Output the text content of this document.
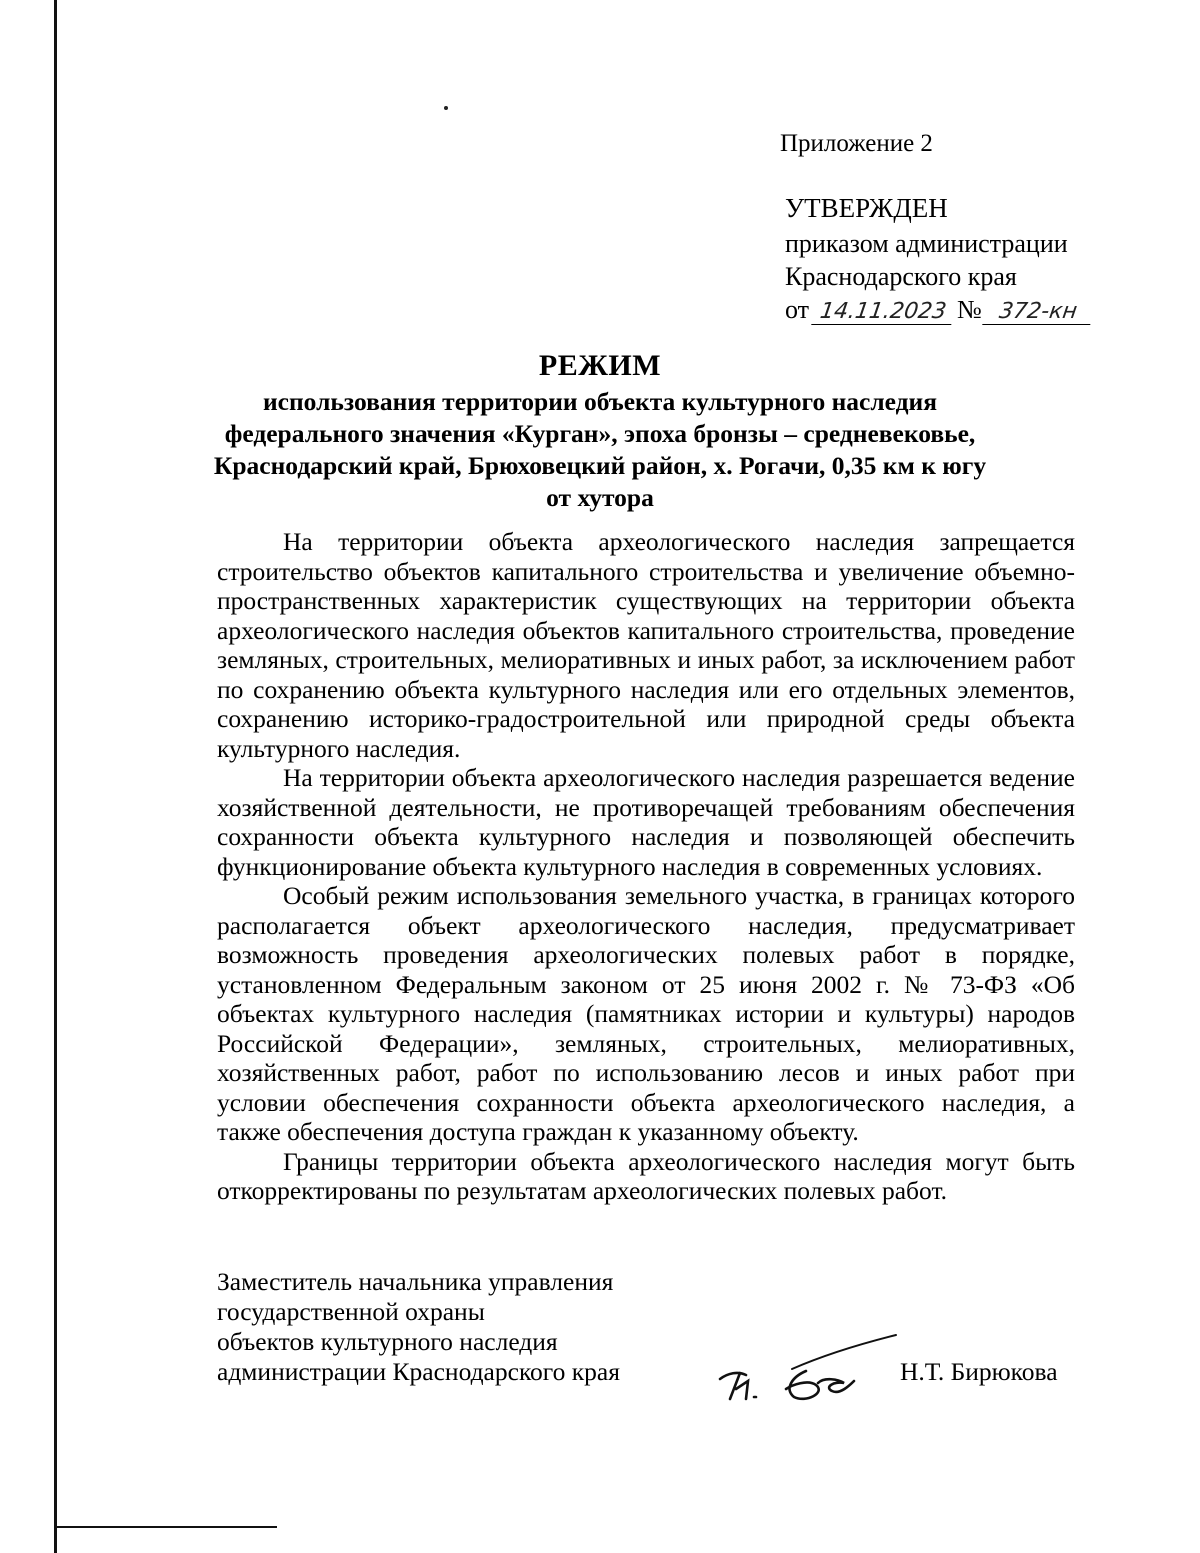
Приложение 2
УТВЕРЖДЕН
приказом администрации
Краснодарского края
от 14.11.2023 № 372-кн
РЕЖИМ
использования территории объекта культурного наследия федерального значения «Курган», эпоха бронзы – средневековье, Краснодарский край, Брюховецкий район, х. Рогачи, 0,35 км к югу от хутора

На территории объекта археологического наследия запрещается строительство объектов капитального строительства и увеличение объемно-пространственных характеристик существующих на территории объекта археологического наследия объектов капитального строительства, проведение земляных, строительных, мелиоративных и иных работ, за исключением работ по сохранению объекта культурного наследия или его отдельных элементов, сохранению историко-градостроительной или природной среды объекта культурного наследия.

На территории объекта археологического наследия разрешается ведение хозяйственной деятельности, не противоречащей требованиям обеспечения сохранности объекта культурного наследия и позволяющей обеспечить функционирование объекта культурного наследия в современных условиях.

Особый режим использования земельного участка, в границах которого располагается объект археологического наследия, предусматривает возможность проведения археологических полевых работ в порядке, установленном Федеральным законом от 25 июня 2002 г. № 73-ФЗ «Об объектах культурного наследия (памятниках истории и культуры) народов Российской Федерации», земляных, строительных, мелиоративных, хозяйственных работ, работ по использованию лесов и иных работ при условии обеспечения сохранности объекта археологического наследия, а также обеспечения доступа граждан к указанному объекту.

Границы территории объекта археологического наследия могут быть откорректированы по результатам археологических полевых работ.

Заместитель начальника управления
государственной охраны
объектов культурного наследия
администрации Краснодарского края	Н.Т. Бирюкова
